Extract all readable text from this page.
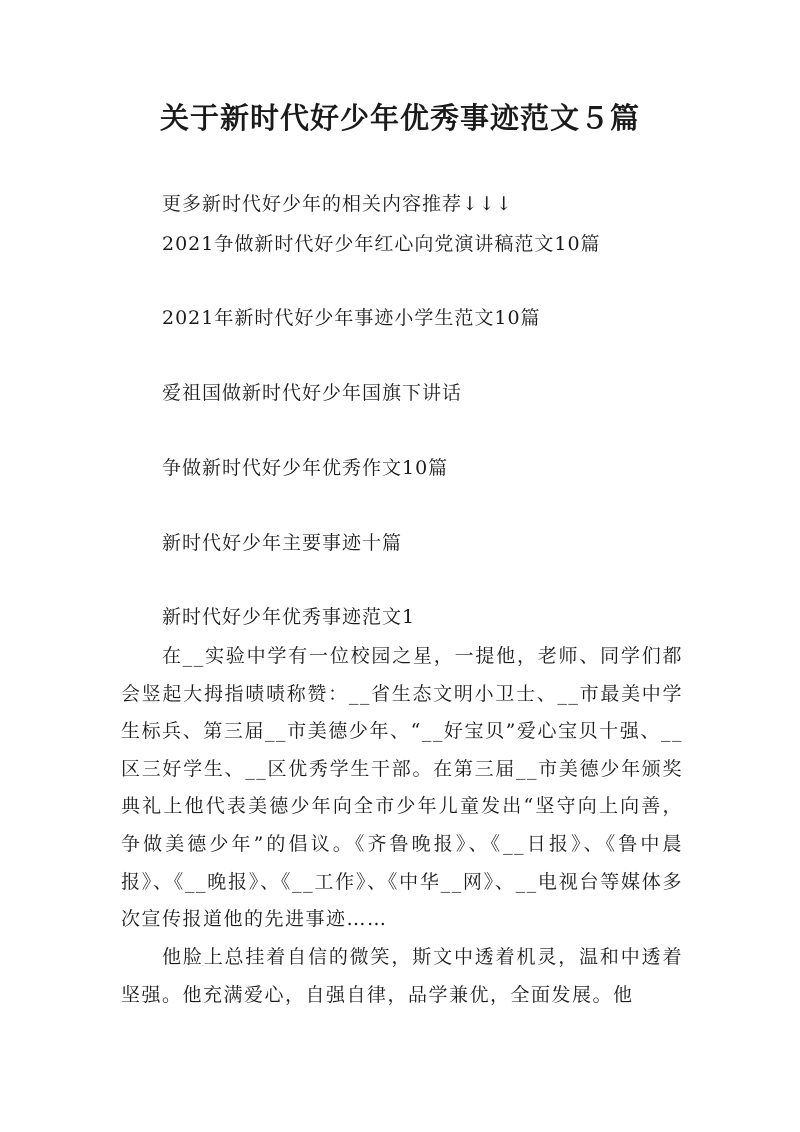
关于新时代好少年优秀事迹范文５篇
更多新时代好少年的相关内容推荐↓↓↓
2021争做新时代好少年红心向党演讲稿范文10篇
2021年新时代好少年事迹小学生范文10篇
爱祖国做新时代好少年国旗下讲话
争做新时代好少年优秀作文10篇
新时代好少年主要事迹十篇
新时代好少年优秀事迹范文1

在__实验中学有一位校园之星，一提他，老师、同学们都会竖起大拇指啧啧称赞：__省生态文明小卫士、__市最美中学生标兵、第三届__市美德少年、“__好宝贝”爱心宝贝十强、__区三好学生、__区优秀学生干部。在第三届__市美德少年颁奖典礼上他代表美德少年向全市少年儿童发出“坚守向上向善，争做美德少年”的倡议。《齐鲁晚报》、《__日报》、《鲁中晨报》、《__晚报》、《__工作》、《中华__网》、__电视台等媒体多次宣传报道他的先进事迹……

他脸上总挂着自信的微笑，斯文中透着机灵，温和中透着坚强。他充满爱心，自强自律，品学兼优，全面发展。他
